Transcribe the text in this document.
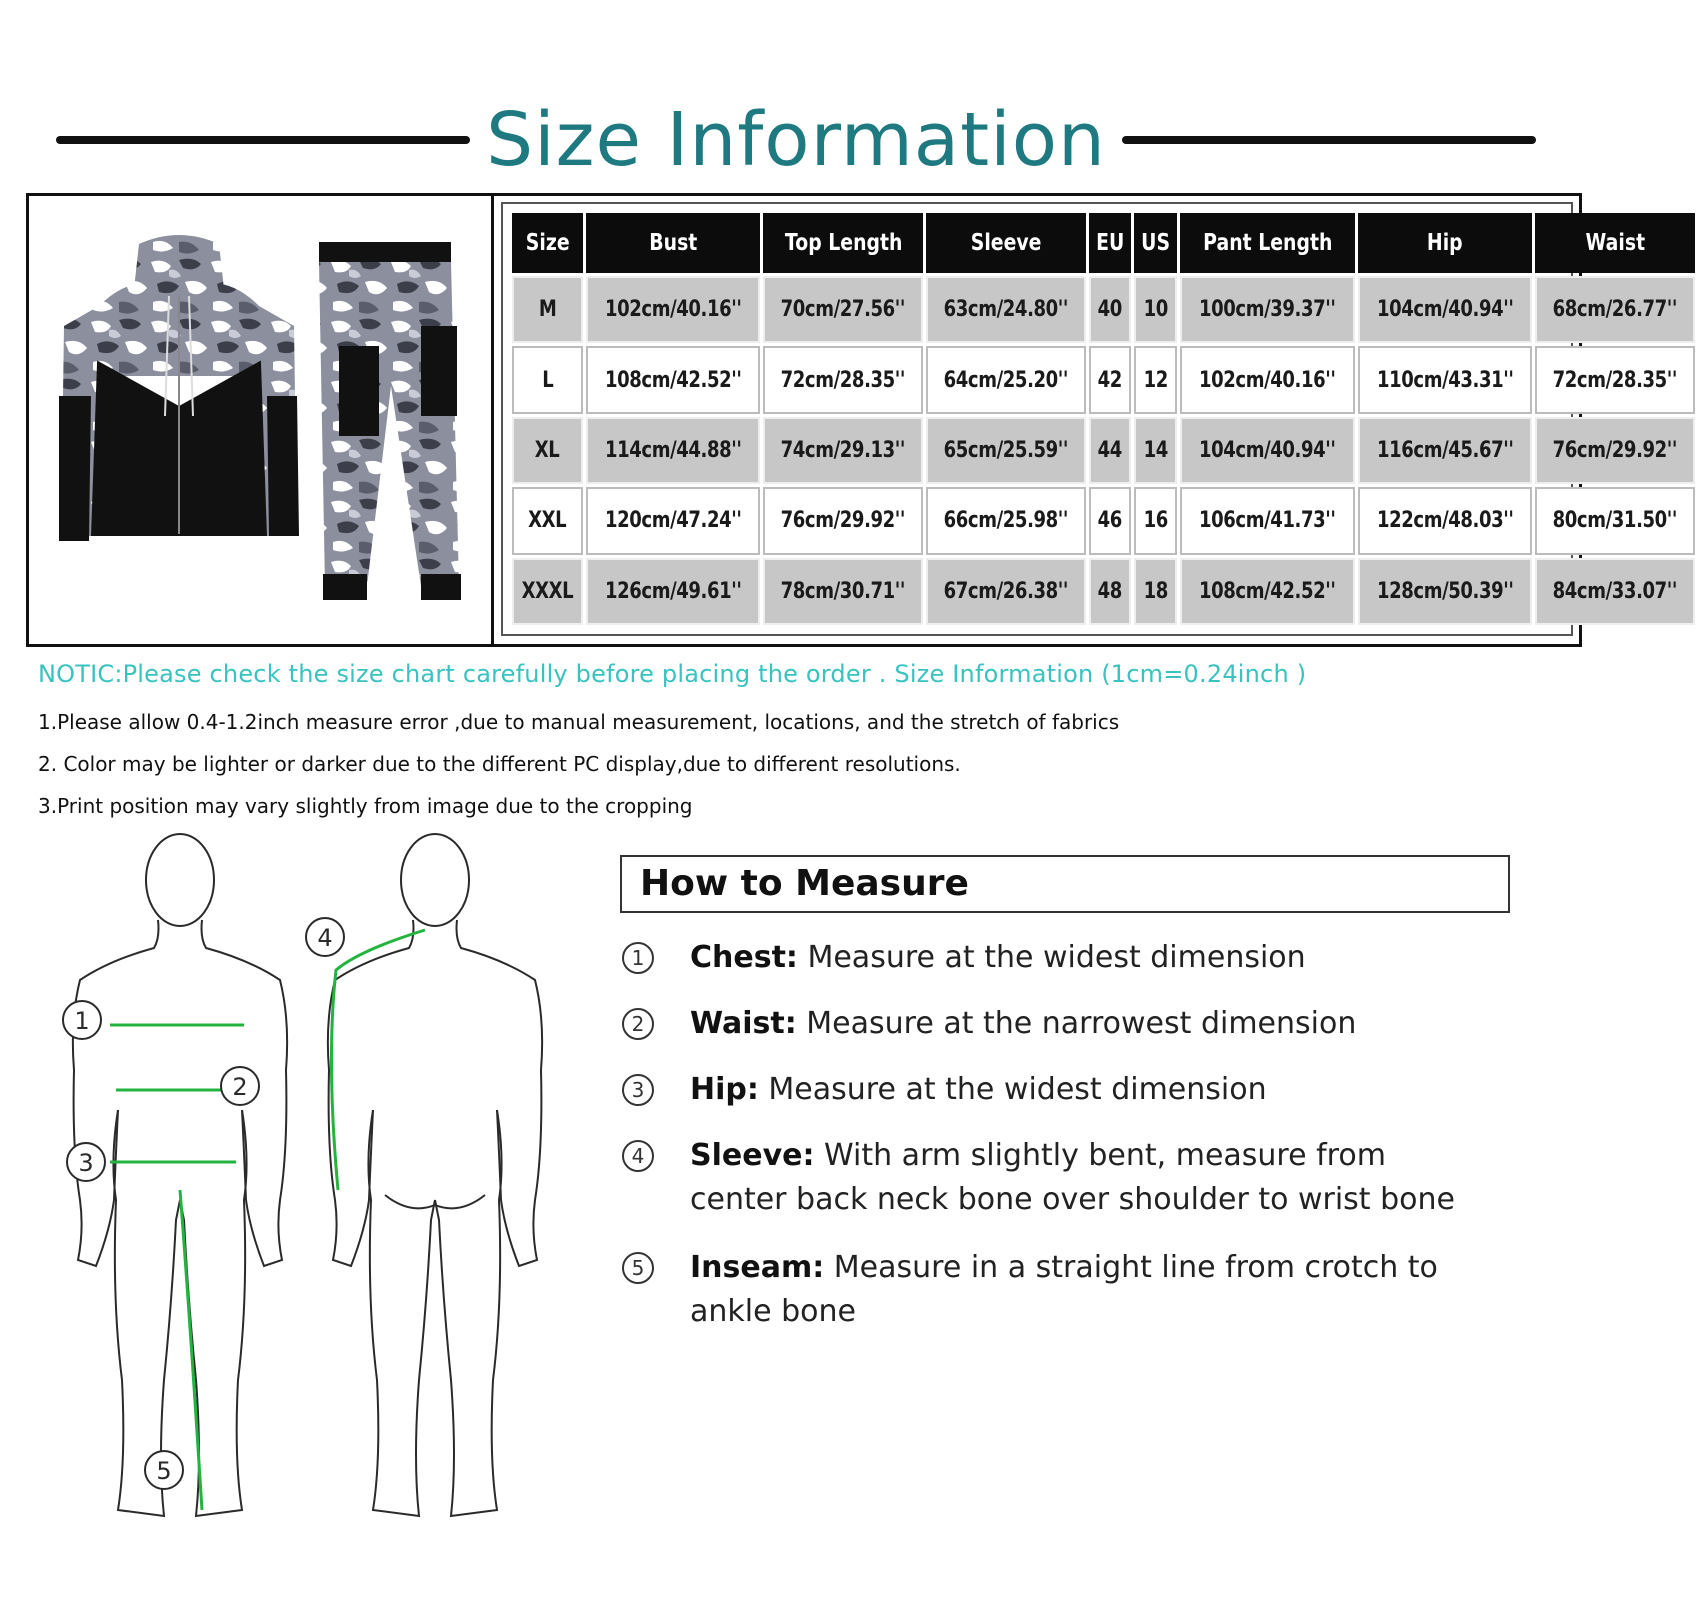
Size Information
Size	Bust	Top Length	Sleeve	EU	US	Pant Length	Hip	Waist
M	102cm/40.16''	70cm/27.56''	63cm/24.80''	40	10	100cm/39.37''	104cm/40.94''	68cm/26.77''
L	108cm/42.52''	72cm/28.35''	64cm/25.20''	42	12	102cm/40.16''	110cm/43.31''	72cm/28.35''
XL	114cm/44.88''	74cm/29.13''	65cm/25.59''	44	14	104cm/40.94''	116cm/45.67''	76cm/29.92''
XXL	120cm/47.24''	76cm/29.92''	66cm/25.98''	46	16	106cm/41.73''	122cm/48.03''	80cm/31.50''
XXXL	126cm/49.61''	78cm/30.71''	67cm/26.38''	48	18	108cm/42.52''	128cm/50.39''	84cm/33.07''
NOTIC:Please check the size chart carefully before placing the order . Size Information (1cm=0.24inch )
1.Please allow 0.4-1.2inch measure error ,due to manual measurement, locations, and the stretch of fabrics
2. Color may be lighter or darker due to the different PC display,due to different resolutions.
3.Print position may vary slightly from image due to the cropping
1
2
3
4
5
How to Measure
1	Chest: Measure at the widest dimension
2	Waist: Measure at the narrowest dimension
3	Hip: Measure at the widest dimension
4	Sleeve: With arm slightly bent, measure from
center back neck bone over shoulder to wrist bone
5	Inseam: Measure in a straight line from crotch to
ankle bone
